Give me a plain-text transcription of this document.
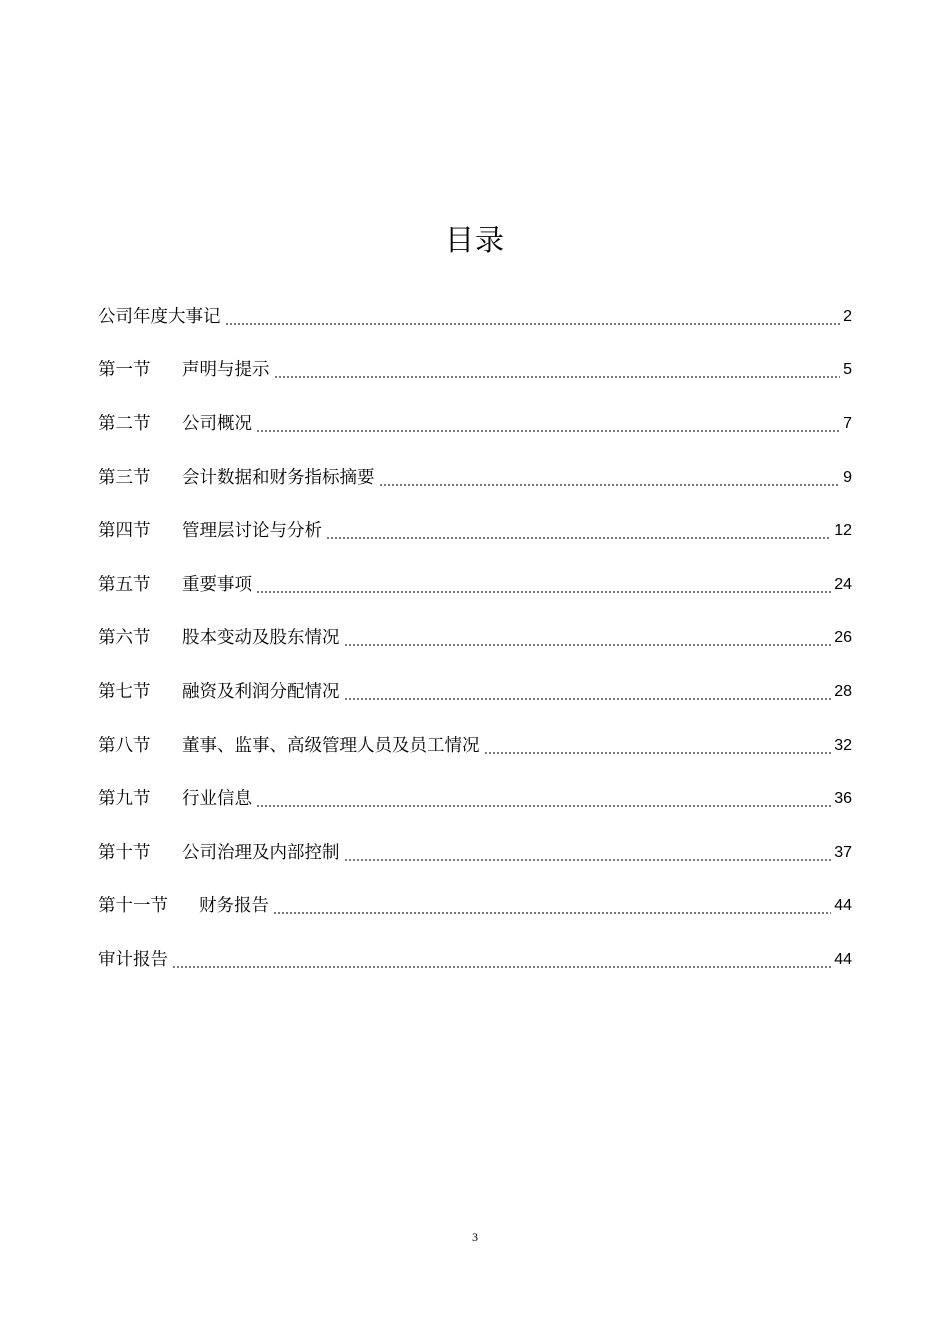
目录
公司年度大事记	2
第一节	声明与提示	5
第二节	公司概况	7
第三节	会计数据和财务指标摘要	9
第四节	管理层讨论与分析	12
第五节	重要事项	24
第六节	股本变动及股东情况	26
第七节	融资及利润分配情况	28
第八节	董事、监事、高级管理人员及员工情况	32
第九节	行业信息	36
第十节	公司治理及内部控制	37
第十一节	财务报告	44
审计报告	44
3
